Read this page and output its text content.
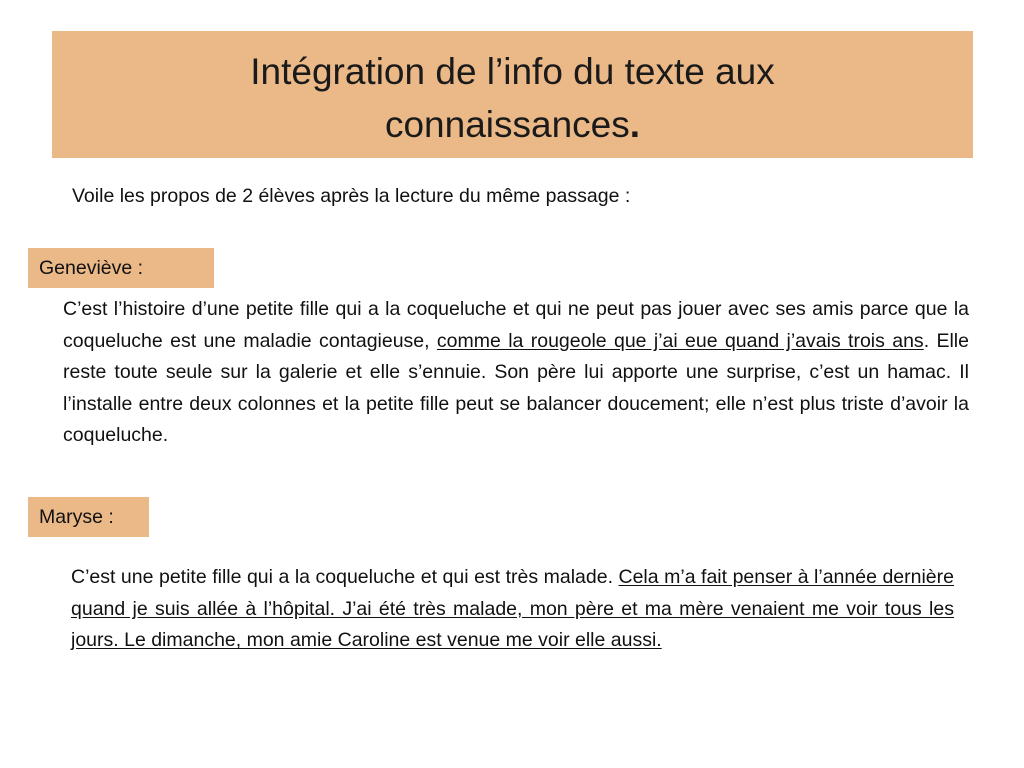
Intégration de l’info du texte aux connaissances.
Voile les propos de 2 élèves après la lecture du même passage :
Geneviève :
C’est l’histoire d’une petite fille qui a la coqueluche et qui ne peut pas jouer avec ses amis parce que la coqueluche est une maladie contagieuse, comme la rougeole que j’ai eue quand j’avais trois ans. Elle reste toute seule sur la galerie et elle s’ennuie. Son père lui apporte une surprise, c’est un hamac. Il l’installe entre deux colonnes et la petite fille peut se balancer doucement; elle n’est plus triste d’avoir la coqueluche.
Maryse :
C’est une petite fille qui a la coqueluche et qui est très malade. Cela m’a fait penser à l’année dernière quand je suis allée à l’hôpital. J’ai été très malade, mon père et ma mère venaient me voir tous les jours. Le dimanche, mon amie Caroline est venue me voir elle aussi.
